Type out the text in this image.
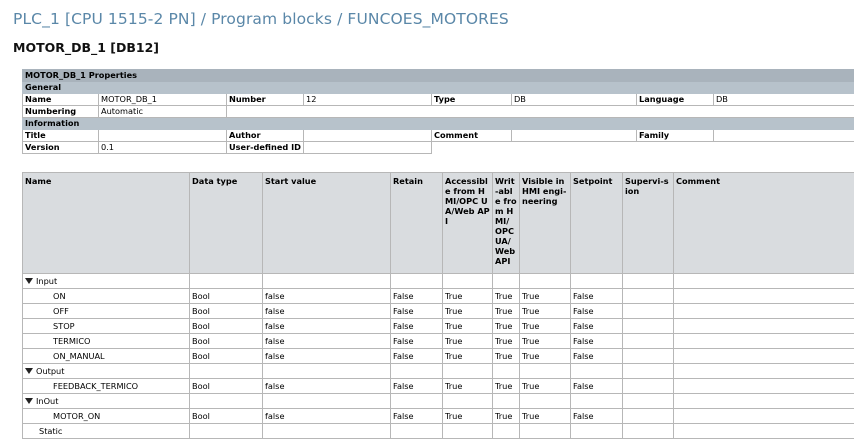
PLC_1 [CPU 1515-2 PN] / Program blocks / FUNCOES_MOTORES
MOTOR_DB_1 [DB12]
MOTOR_DB_1 Properties							
General							
Name	MOTOR_DB_1	Number	12	Type	DB	Language	DB
Numbering	Automatic						
Information							
Title		Author		Comment		Family	
Version	0.1	User-defined ID					
Name	Data type	Start value	Retain	Accessible from HMI/OPC UA/Web API	Writ-able from HMI/ OPC UA/ Web API	Visible in HMI engi-neering	Setpoint	Supervi-sion	Comment
Input									
ON	Bool	false	False	True	True	True	False		
OFF	Bool	false	False	True	True	True	False		
STOP	Bool	false	False	True	True	True	False		
TERMICO	Bool	false	False	True	True	True	False		
ON_MANUAL	Bool	false	False	True	True	True	False		
Output									
FEEDBACK_TERMICO	Bool	false	False	True	True	True	False		
InOut									
MOTOR_ON	Bool	false	False	True	True	True	False		
Static									
